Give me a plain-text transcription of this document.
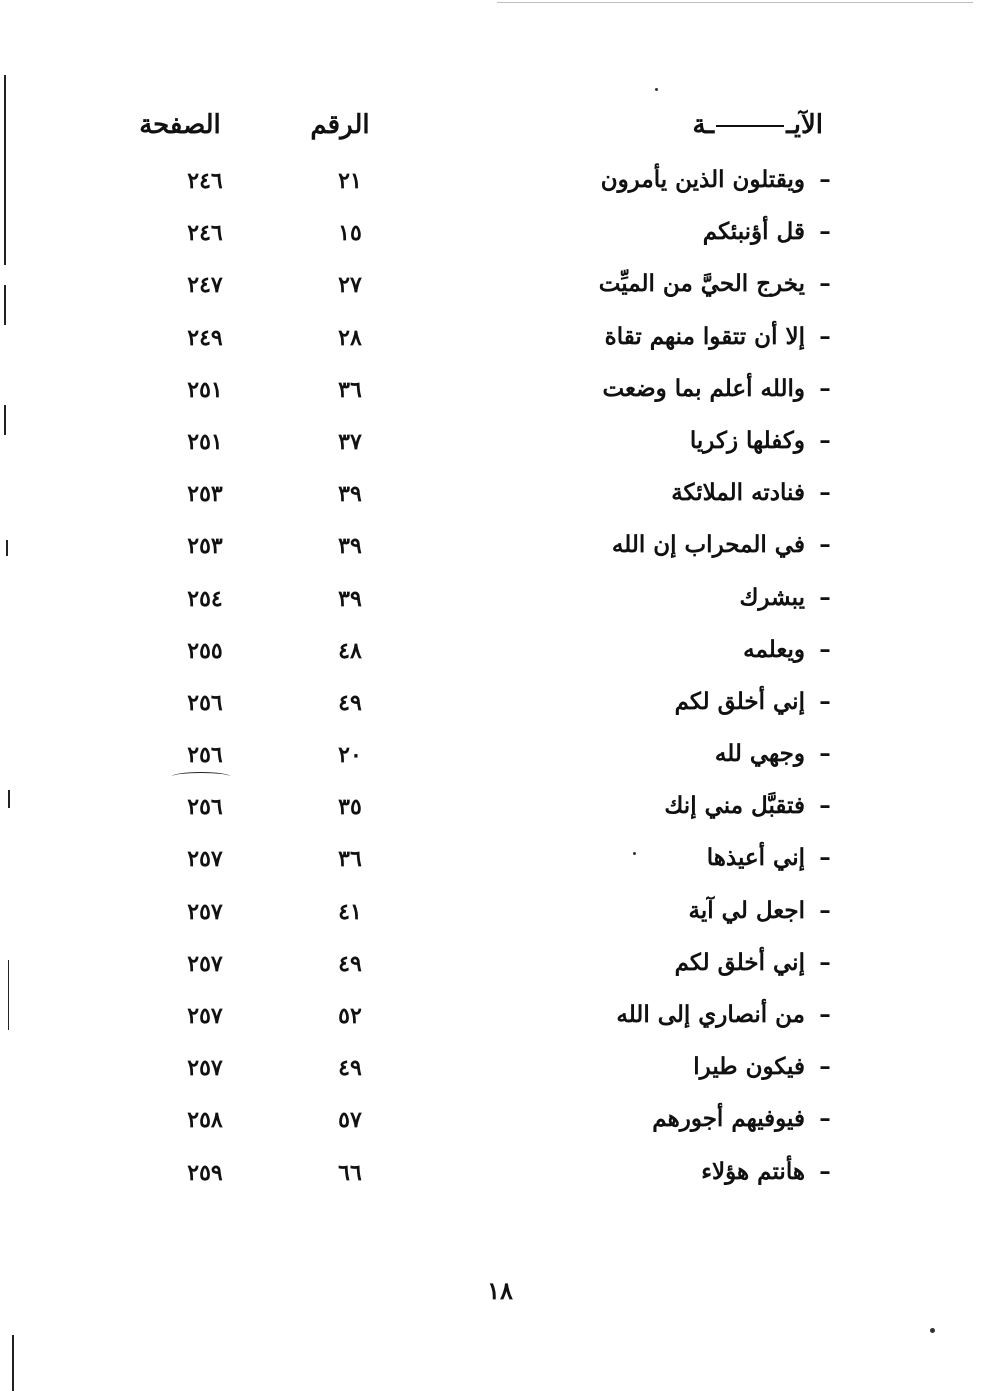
الآيــة
الرقم
الصفحة
– ويقتلون الذين يأمرون
٢١
٢٤٦
– قل أؤنبئكم
١٥
٢٤٦
– يخرج الحيَّ من الميِّت
٢٧
٢٤٧
– إلا أن تتقوا منهم تقاة
٢٨
٢٤٩
– والله أعلم بما وضعت
٣٦
٢٥١
– وكفلها زكريا
٣٧
٢٥١
– فنادته الملائكة
٣٩
٢٥٣
– في المحراب إن الله
٣٩
٢٥٣
– يبشرك
٣٩
٢٥٤
– ويعلمه
٤٨
٢٥٥
– إني أخلق لكم
٤٩
٢٥٦
– وجهي لله
٢٠
٢٥٦
– فتقبَّل مني إنك
٣٥
٢٥٦
– إني أعيذها
٣٦
٢٥٧
– اجعل لي آية
٤١
٢٥٧
– إني أخلق لكم
٤٩
٢٥٧
– من أنصاري إلى الله
٥٢
٢٥٧
– فيكون طيرا
٤٩
٢٥٧
– فيوفيهم أجورهم
٥٧
٢٥٨
– هأنتم هؤلاء
٦٦
٢٥٩
١٨
